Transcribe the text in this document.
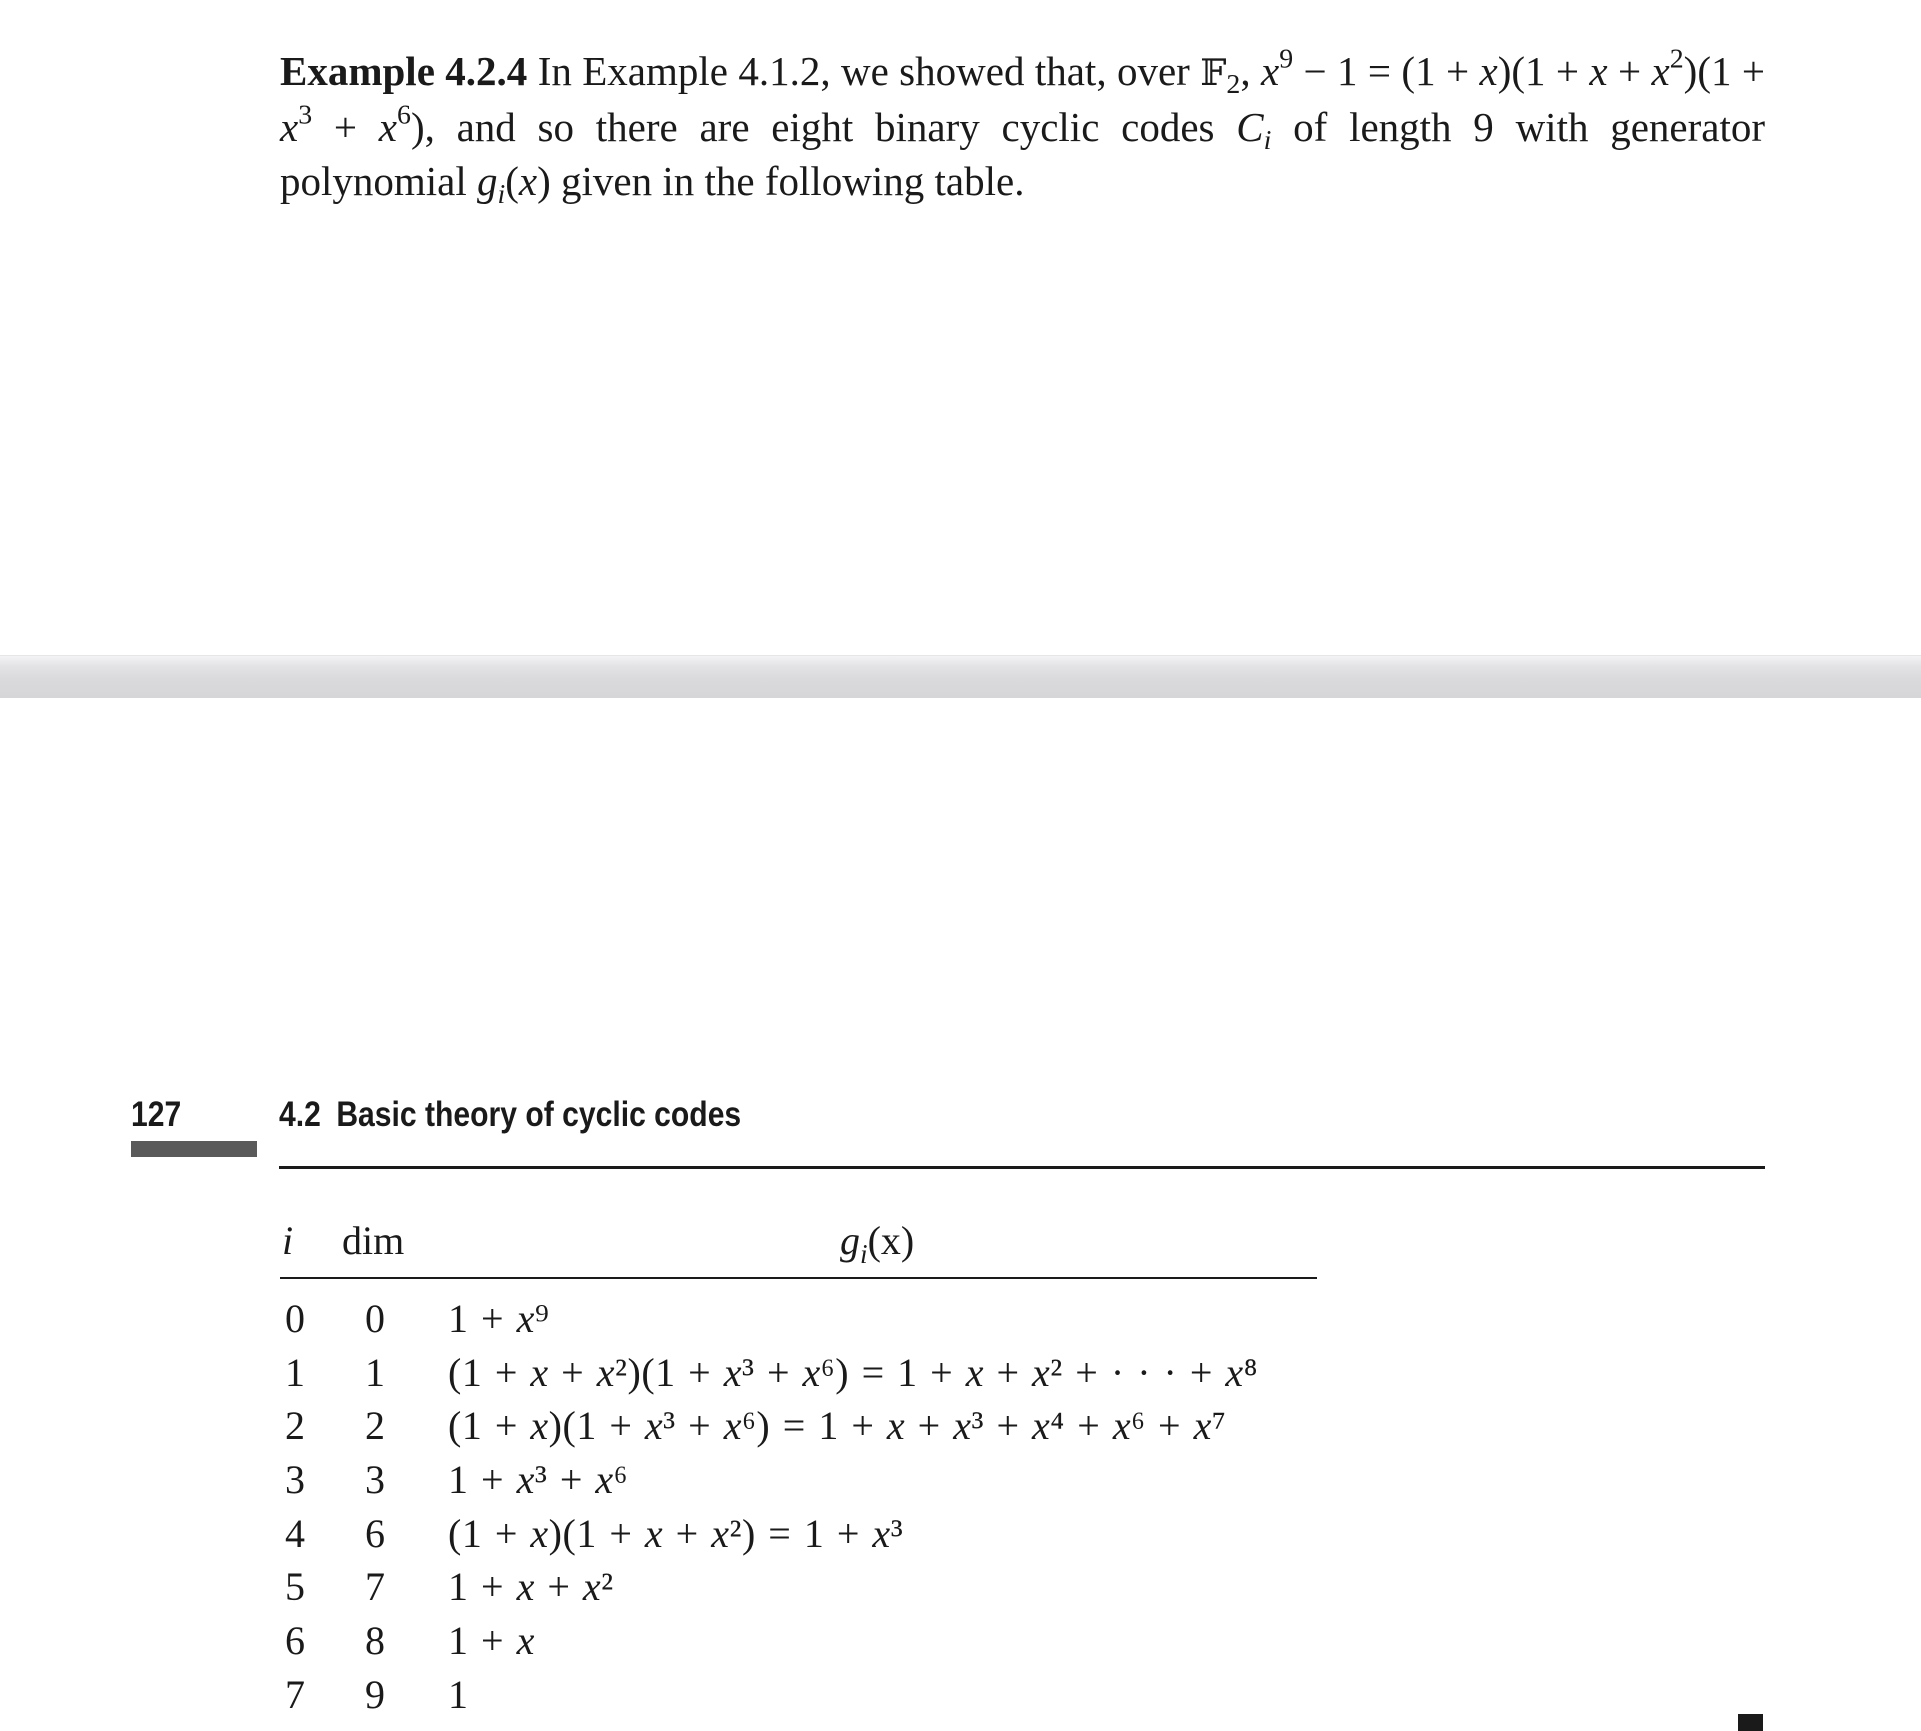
Example 4.2.4 In Example 4.1.2, we showed that, over 𝔽$_2$, $x^9 - 1 = (1 + x)(1 + x + x^2)(1 + x^3 + x^6)$, and so there are eight binary cyclic codes $C_i$ of length 9 with generator polynomial $g_i(x)$ given in the following table.

127	4.2 Basic theory of cyclic codes
i dim	$g_i(x)$
0 0 1 + x⁹
1 1 (1 + x + x²)(1 + x³ + x⁶) = 1 + x + x² + · · · + x⁸
2 2 (1 + x)(1 + x³ + x⁶) = 1 + x + x³ + x⁴ + x⁶ + x⁷
3 3 1 + x³ + x⁶
4 6 (1 + x)(1 + x + x²) = 1 + x³
5 7 1 + x + x²
6 8 1 + x
7 9 1
